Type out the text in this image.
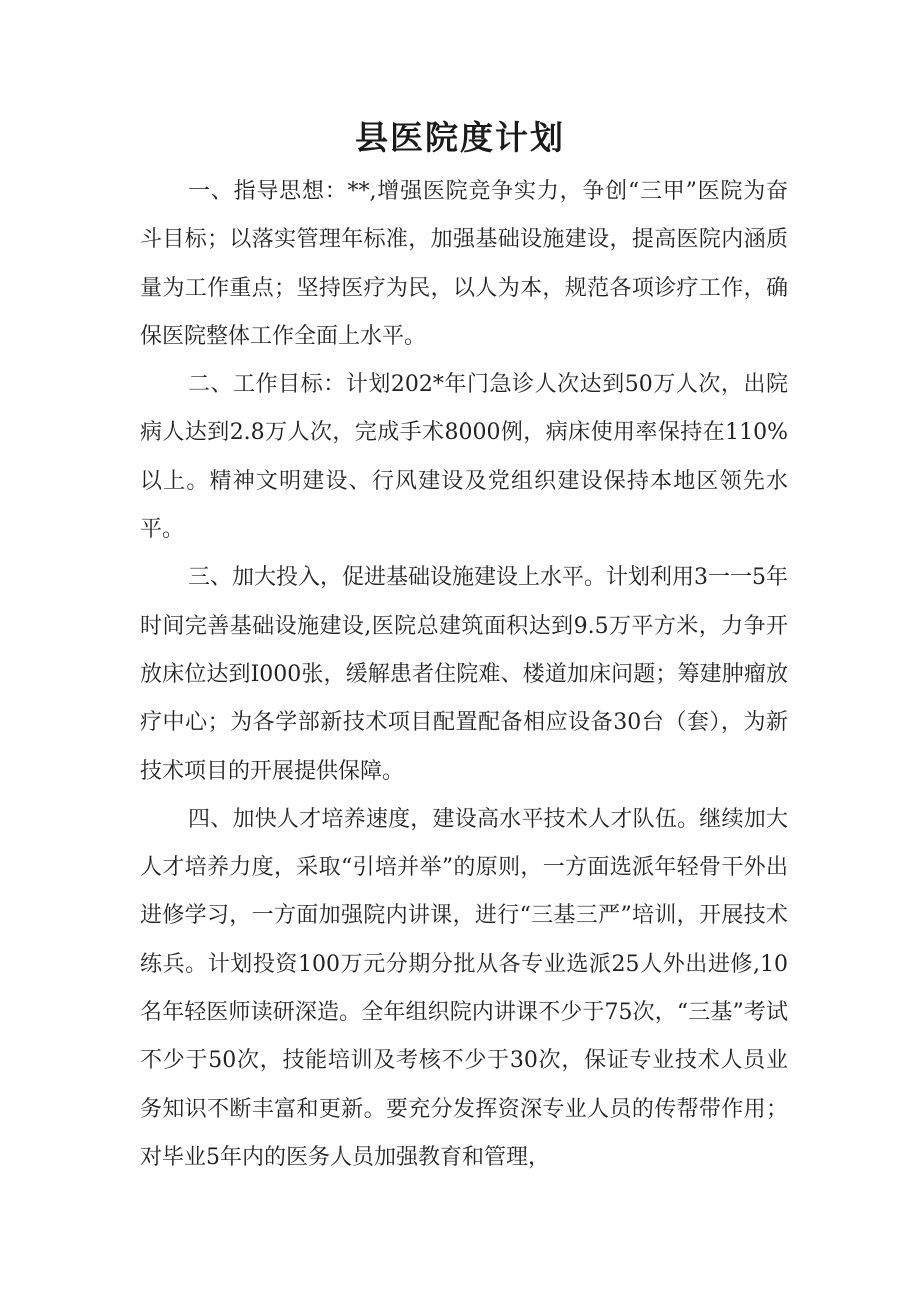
县医院度计划

一、指导思想：**,增强医院竞争实力，争创“三甲”医院为奋斗目标；以落实管理年标准，加强基础设施建设，提高医院内涵质量为工作重点；坚持医疗为民，以人为本，规范各项诊疗工作，确保医院整体工作全面上水平。

二、工作目标：计划202*年门急诊人次达到50万人次，出院病人达到2.8万人次，完成手术8000例，病床使用率保持在110%以上。精神文明建设、行风建设及党组织建设保持本地区领先水平。

三、加大投入，促进基础设施建设上水平。计划利用3一一5年时间完善基础设施建设,医院总建筑面积达到9.5万平方米，力争开放床位达到I000张，缓解患者住院难、楼道加床问题；筹建肿瘤放疗中心；为各学部新技术项目配置配备相应设备30台（套），为新技术项目的开展提供保障。

四、加快人才培养速度，建设高水平技术人才队伍。继续加大人才培养力度，采取“引培并举”的原则，一方面选派年轻骨干外出进修学习，一方面加强院内讲课，进行“三基三严”培训，开展技术练兵。计划投资100万元分期分批从各专业选派25人外出进修,10名年轻医师读研深造。全年组织院内讲课不少于75次，“三基”考试不少于50次，技能培训及考核不少于30次，保证专业技术人员业务知识不断丰富和更新。要充分发挥资深专业人员的传帮带作用；对毕业5年内的医务人员加强教育和管理，
